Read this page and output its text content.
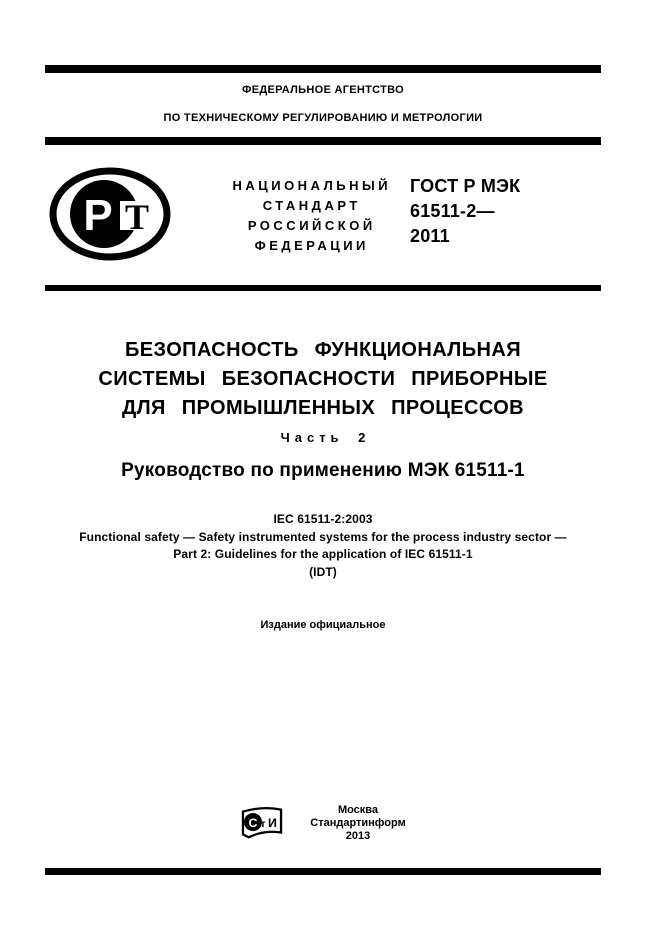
ФЕДЕРАЛЬНОЕ АГЕНТСТВО
ПО ТЕХНИЧЕСКОМУ РЕГУЛИРОВАНИЮ И МЕТРОЛОГИИ
Р Т
НАЦИОНАЛЬНЫЙ
СТАНДАРТ
РОССИЙСКОЙ
ФЕДЕРАЦИИ
ГОСТ Р МЭК
61511-2—
2011
БЕЗОПАСНОСТЬ ФУНКЦИОНАЛЬНАЯ
СИСТЕМЫ БЕЗОПАСНОСТИ ПРИБОРНЫЕ
ДЛЯ ПРОМЫШЛЕННЫХ ПРОЦЕССОВ
Часть 2
Руководство по применению МЭК 61511-1
IEC 61511-2:2003
Functional safety — Safety instrumented systems for the process industry sector —
Part 2: Guidelines for the application of IEC 61511-1
(IDT)
Издание официальное
С т И
Москва
Стандартинформ
2013
